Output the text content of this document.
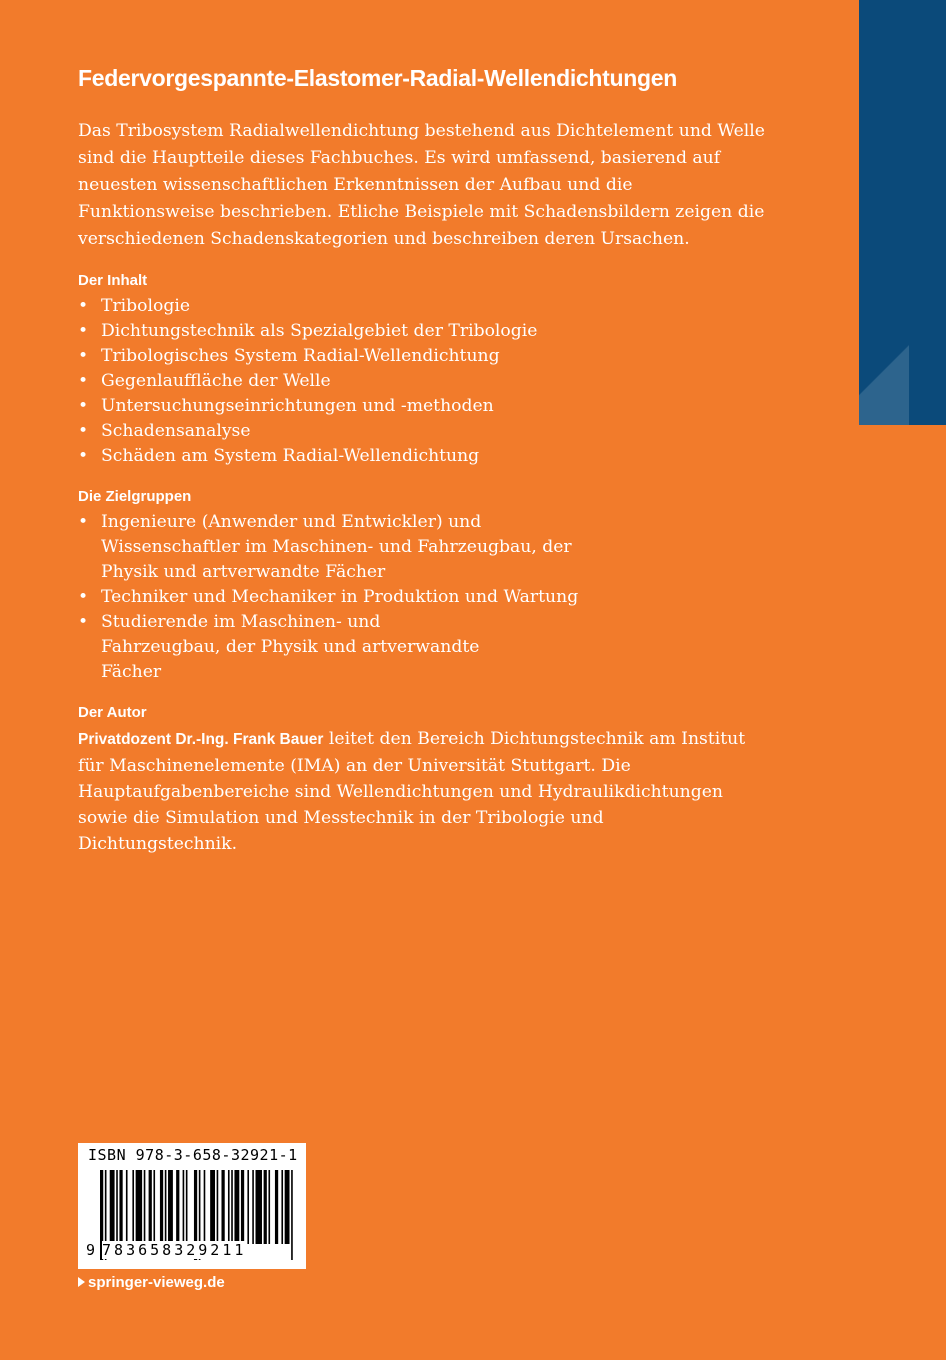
Federvorgespannte-Elastomer-Radial-Wellendichtungen

Das Tribosystem Radialwellendichtung bestehend aus Dichtelement und Welle sind die Hauptteile dieses Fachbuches. Es wird umfassend, basierend auf neuesten wissenschaftlichen Erkenntnissen der Aufbau und die Funktionsweise beschrieben. Etliche Beispiele mit Schadensbildern zeigen die verschiedenen Schadenskategorien und beschreiben deren Ursachen.

Der Inhalt
• Tribologie
• Dichtungstechnik als Spezialgebiet der Tribologie
• Tribologisches System Radial-Wellendichtung
• Gegenlauffläche der Welle
• Untersuchungseinrichtungen und -methoden
• Schadensanalyse
• Schäden am System Radial-Wellendichtung
Die Zielgruppen
• Ingenieure (Anwender und Entwickler) und Wissenschaftler im Maschinen- und Fahrzeugbau, der Physik und artverwandte Fächer
• Techniker und Mechaniker in Produktion und Wartung
• Studierende im Maschinen- und Fahrzeugbau, der Physik und artverwandte Fächer
Der Autor

Privatdozent Dr.-Ing. Frank Bauer leitet den Bereich Dichtungstechnik am Institut für Maschinenelemente (IMA) an der Universität Stuttgart. Die Hauptaufgabenbereiche sind Wellendichtungen und Hydraulikdichtungen sowie die Simulation und Messtechnik in der Tribologie und Dichtungstechnik.

ISBN 978-3-658-32921-1
9 783658329211
springer-vieweg.de
